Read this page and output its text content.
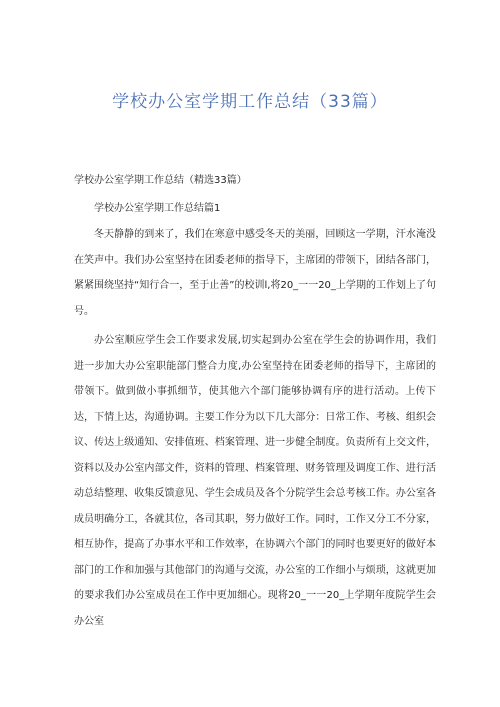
学校办公室学期工作总结（33篇）

学校办公室学期工作总结（精选33篇）

学校办公室学期工作总结篇1

冬天静静的到来了，我们在寒意中感受冬天的美丽，回顾这一学期，汗水淹没在笑声中。我们办公室坚持在团委老师的指导下，主席团的带领下，团结各部门，紧紧围绕坚持“知行合一，至于止善”的校训l,将20_一一20_上学期的工作划上了句号。

办公室顺应学生会工作要求发展,切实起到办公室在学生会的协调作用，我们进一步加大办公室职能部门整合力度,办公室坚持在团委老师的指导下，主席团的带领下。做到做小事抓细节，使其他六个部门能够协调有序的进行活动。上传下达，下情上达，沟通协调。主要工作分为以下几大部分：日常工作、考核、组织会议、传达上级通知、安排值班、档案管理、进一步健全制度。负责所有上交文件，资料以及办公室内部文件，资料的管理、档案管理、财务管理及调度工作、进行活动总结整理、收集反馈意见、学生会成员及各个分院学生会总考核工作。办公室各成员明确分工，各就其位，各司其职，努力做好工作。同时，工作又分工不分家，相互协作，提高了办事水平和工作效率，在协调六个部门的同时也要更好的做好本部门的工作和加强与其他部门的沟通与交流，办公室的工作细小与烦琐，这就更加的要求我们办公室成员在工作中更加细心。现将20_一一20_上学期年度院学生会办公室
